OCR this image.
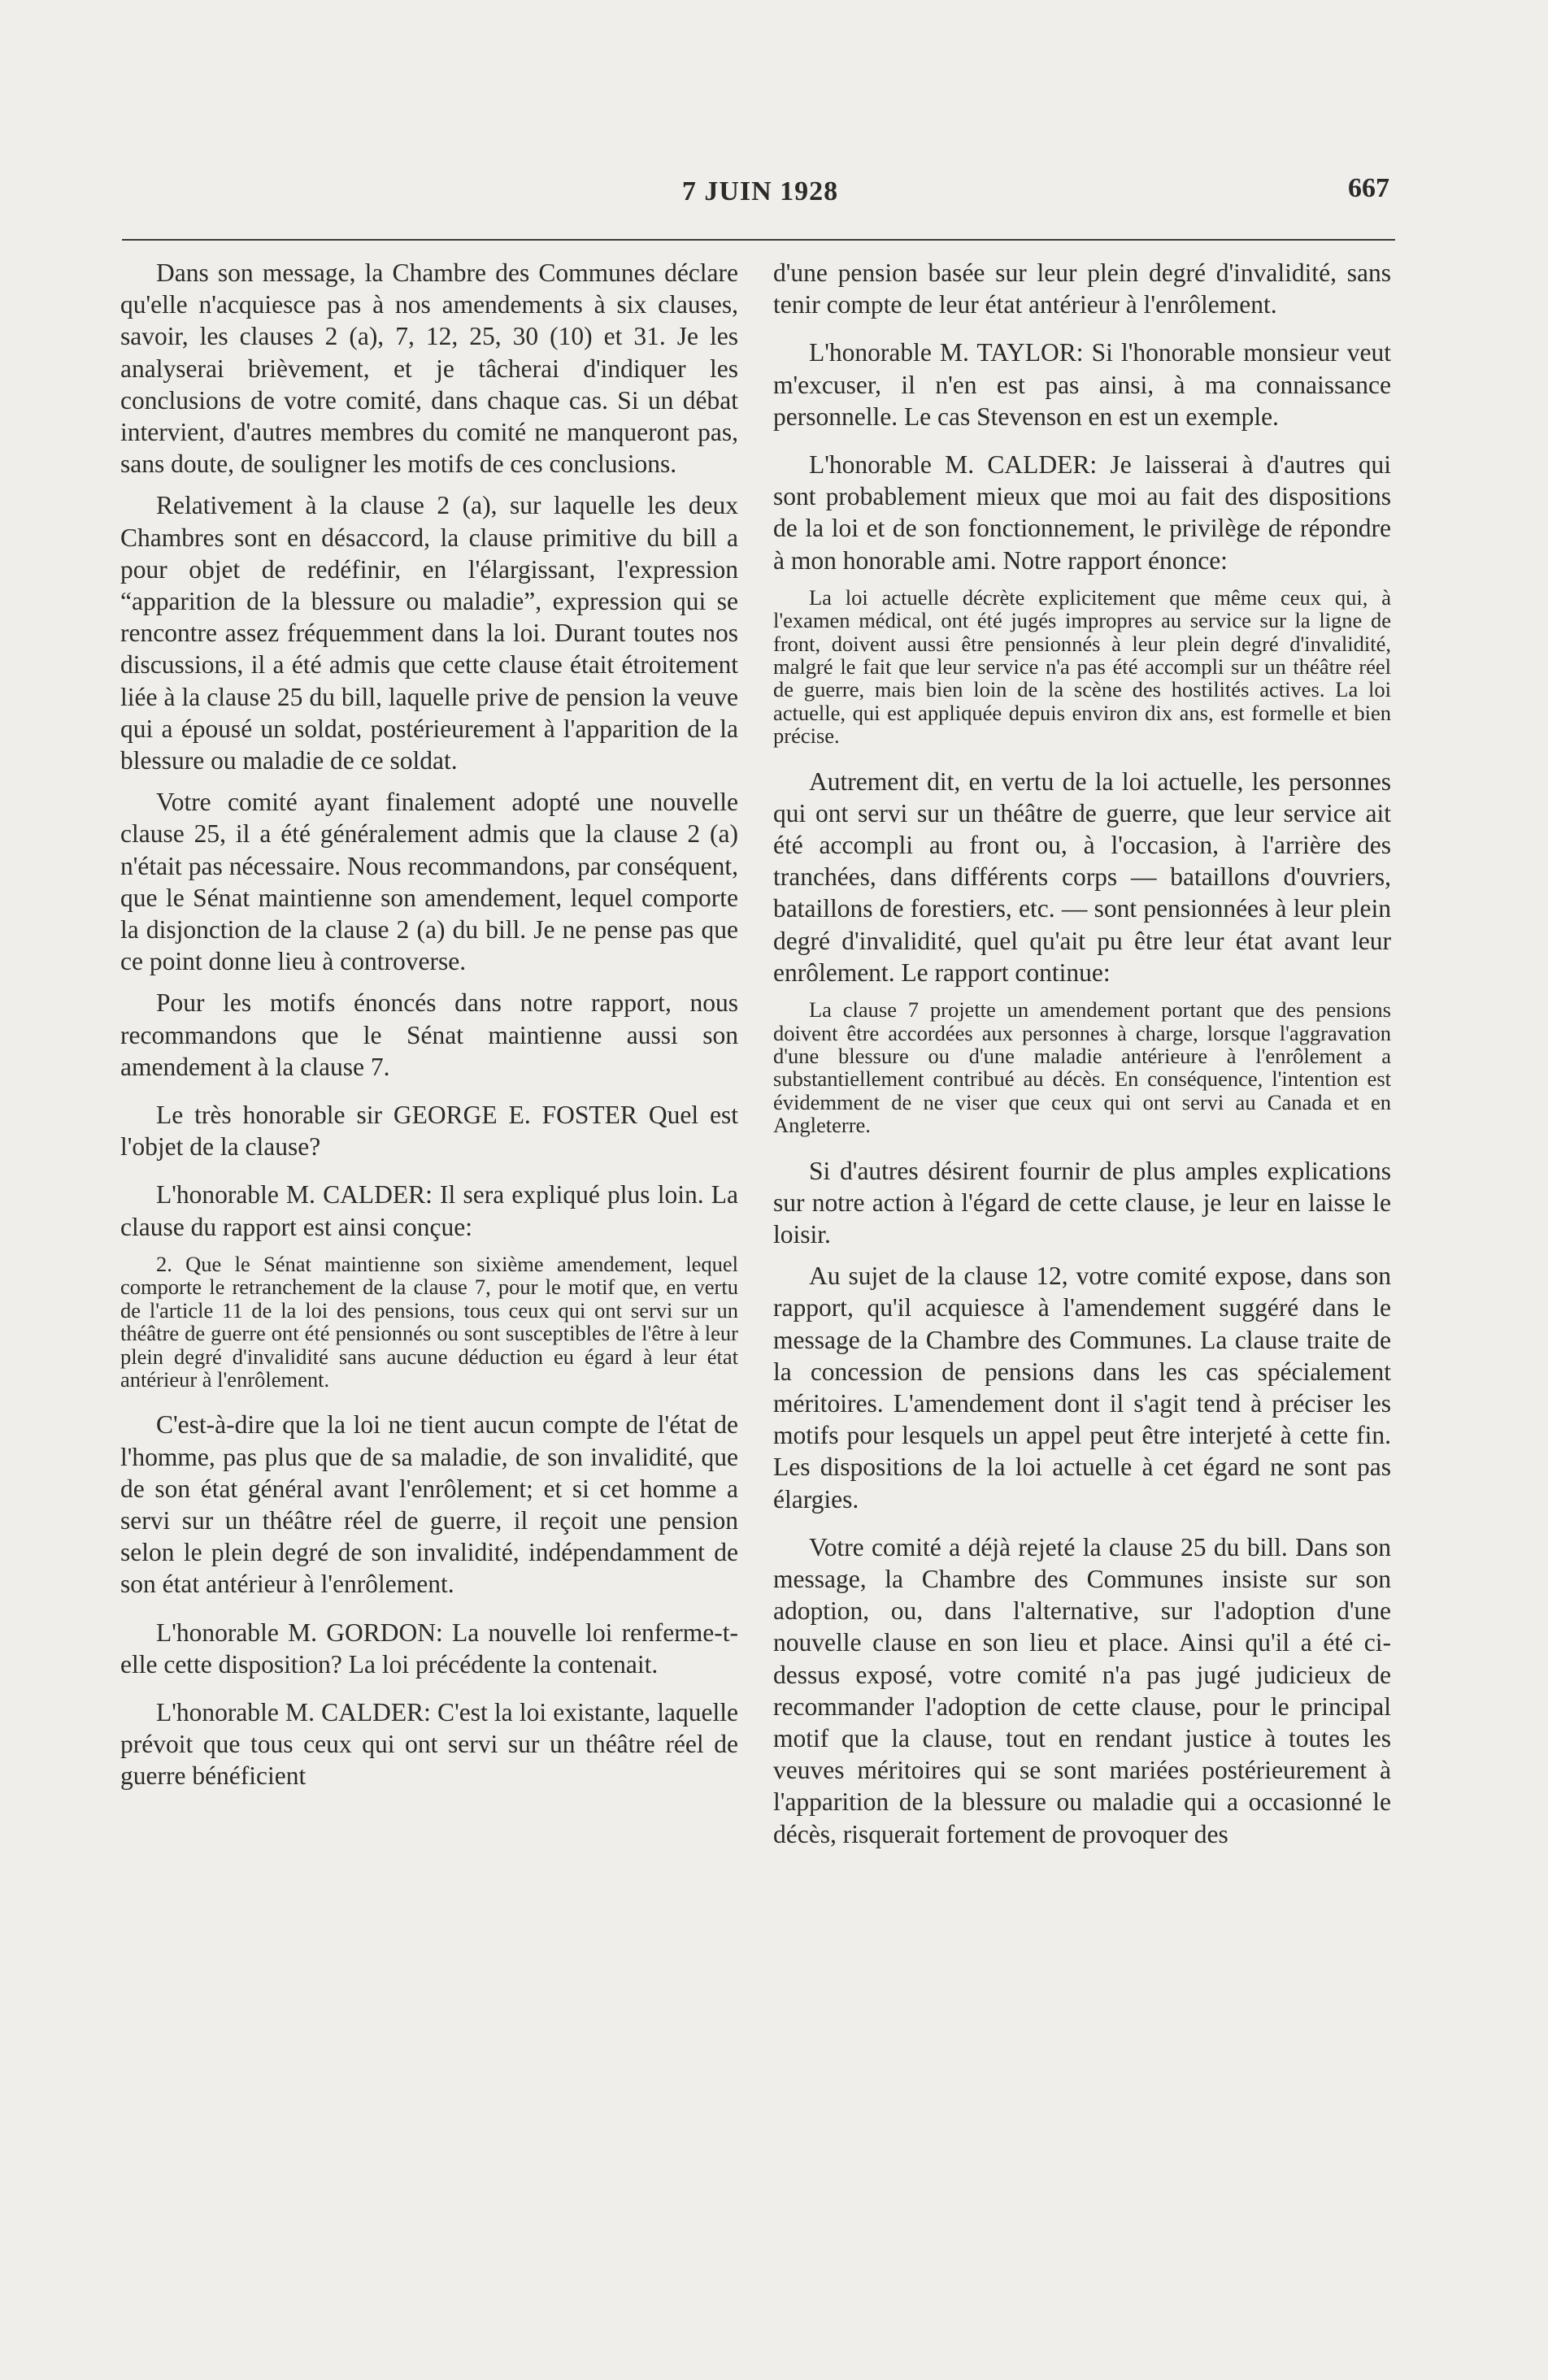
7 JUIN 1928	667

Dans son message, la Chambre des Communes déclare qu'elle n'acquiesce pas à nos amendements à six clauses, savoir, les clauses 2 (a), 7, 12, 25, 30 (10) et 31. Je les analyserai brièvement, et je tâcherai d'indiquer les conclusions de votre comité, dans chaque cas. Si un débat intervient, d'autres membres du comité ne manqueront pas, sans doute, de souligner les motifs de ces conclusions.

Relativement à la clause 2 (a), sur laquelle les deux Chambres sont en désaccord, la clause primitive du bill a pour objet de redéfinir, en l'élargissant, l'expression “apparition de la blessure ou maladie”, expression qui se rencontre assez fréquemment dans la loi. Durant toutes nos discussions, il a été admis que cette clause était étroitement liée à la clause 25 du bill, laquelle prive de pension la veuve qui a épousé un soldat, postérieurement à l'apparition de la blessure ou maladie de ce soldat.

Votre comité ayant finalement adopté une nouvelle clause 25, il a été généralement admis que la clause 2 (a) n'était pas nécessaire. Nous recommandons, par conséquent, que le Sénat maintienne son amendement, lequel comporte la disjonction de la clause 2 (a) du bill. Je ne pense pas que ce point donne lieu à controverse.

Pour les motifs énoncés dans notre rapport, nous recommandons que le Sénat maintienne aussi son amendement à la clause 7.

Le très honorable sir GEORGE E. FOSTER Quel est l'objet de la clause?

L'honorable M. CALDER: Il sera expliqué plus loin. La clause du rapport est ainsi conçue:

2. Que le Sénat maintienne son sixième amendement, lequel comporte le retranchement de la clause 7, pour le motif que, en vertu de l'article 11 de la loi des pensions, tous ceux qui ont servi sur un théâtre de guerre ont été pensionnés ou sont susceptibles de l'être à leur plein degré d'invalidité sans aucune déduction eu égard à leur état antérieur à l'enrôlement.

C'est-à-dire que la loi ne tient aucun compte de l'état de l'homme, pas plus que de sa maladie, de son invalidité, que de son état général avant l'enrôlement; et si cet homme a servi sur un théâtre réel de guerre, il reçoit une pension selon le plein degré de son invalidité, indépendamment de son état antérieur à l'enrôlement.

L'honorable M. GORDON: La nouvelle loi renferme-t-elle cette disposition? La loi précédente la contenait.

L'honorable M. CALDER: C'est la loi existante, laquelle prévoit que tous ceux qui ont servi sur un théâtre réel de guerre bénéficient

d'une pension basée sur leur plein degré d'invalidité, sans tenir compte de leur état antérieur à l'enrôlement.

L'honorable M. TAYLOR: Si l'honorable monsieur veut m'excuser, il n'en est pas ainsi, à ma connaissance personnelle. Le cas Stevenson en est un exemple.

L'honorable M. CALDER: Je laisserai à d'autres qui sont probablement mieux que moi au fait des dispositions de la loi et de son fonctionnement, le privilège de répondre à mon honorable ami. Notre rapport énonce:

La loi actuelle décrète explicitement que même ceux qui, à l'examen médical, ont été jugés impropres au service sur la ligne de front, doivent aussi être pensionnés à leur plein degré d'invalidité, malgré le fait que leur service n'a pas été accompli sur un théâtre réel de guerre, mais bien loin de la scène des hostilités actives. La loi actuelle, qui est appliquée depuis environ dix ans, est formelle et bien précise.

Autrement dit, en vertu de la loi actuelle, les personnes qui ont servi sur un théâtre de guerre, que leur service ait été accompli au front ou, à l'occasion, à l'arrière des tranchées, dans différents corps — bataillons d'ouvriers, bataillons de forestiers, etc. — sont pensionnées à leur plein degré d'invalidité, quel qu'ait pu être leur état avant leur enrôlement. Le rapport continue:

La clause 7 projette un amendement portant que des pensions doivent être accordées aux personnes à charge, lorsque l'aggravation d'une blessure ou d'une maladie antérieure à l'enrôlement a substantiellement contribué au décès. En conséquence, l'intention est évidemment de ne viser que ceux qui ont servi au Canada et en Angleterre.

Si d'autres désirent fournir de plus amples explications sur notre action à l'égard de cette clause, je leur en laisse le loisir.

Au sujet de la clause 12, votre comité expose, dans son rapport, qu'il acquiesce à l'amendement suggéré dans le message de la Chambre des Communes. La clause traite de la concession de pensions dans les cas spécialement méritoires. L'amendement dont il s'agit tend à préciser les motifs pour lesquels un appel peut être interjeté à cette fin. Les dispositions de la loi actuelle à cet égard ne sont pas élargies.

Votre comité a déjà rejeté la clause 25 du bill. Dans son message, la Chambre des Communes insiste sur son adoption, ou, dans l'alternative, sur l'adoption d'une nouvelle clause en son lieu et place. Ainsi qu'il a été ci-dessus exposé, votre comité n'a pas jugé judicieux de recommander l'adoption de cette clause, pour le principal motif que la clause, tout en rendant justice à toutes les veuves méritoires qui se sont mariées postérieurement à l'apparition de la blessure ou maladie qui a occasionné le décès, risquerait fortement de provoquer des
